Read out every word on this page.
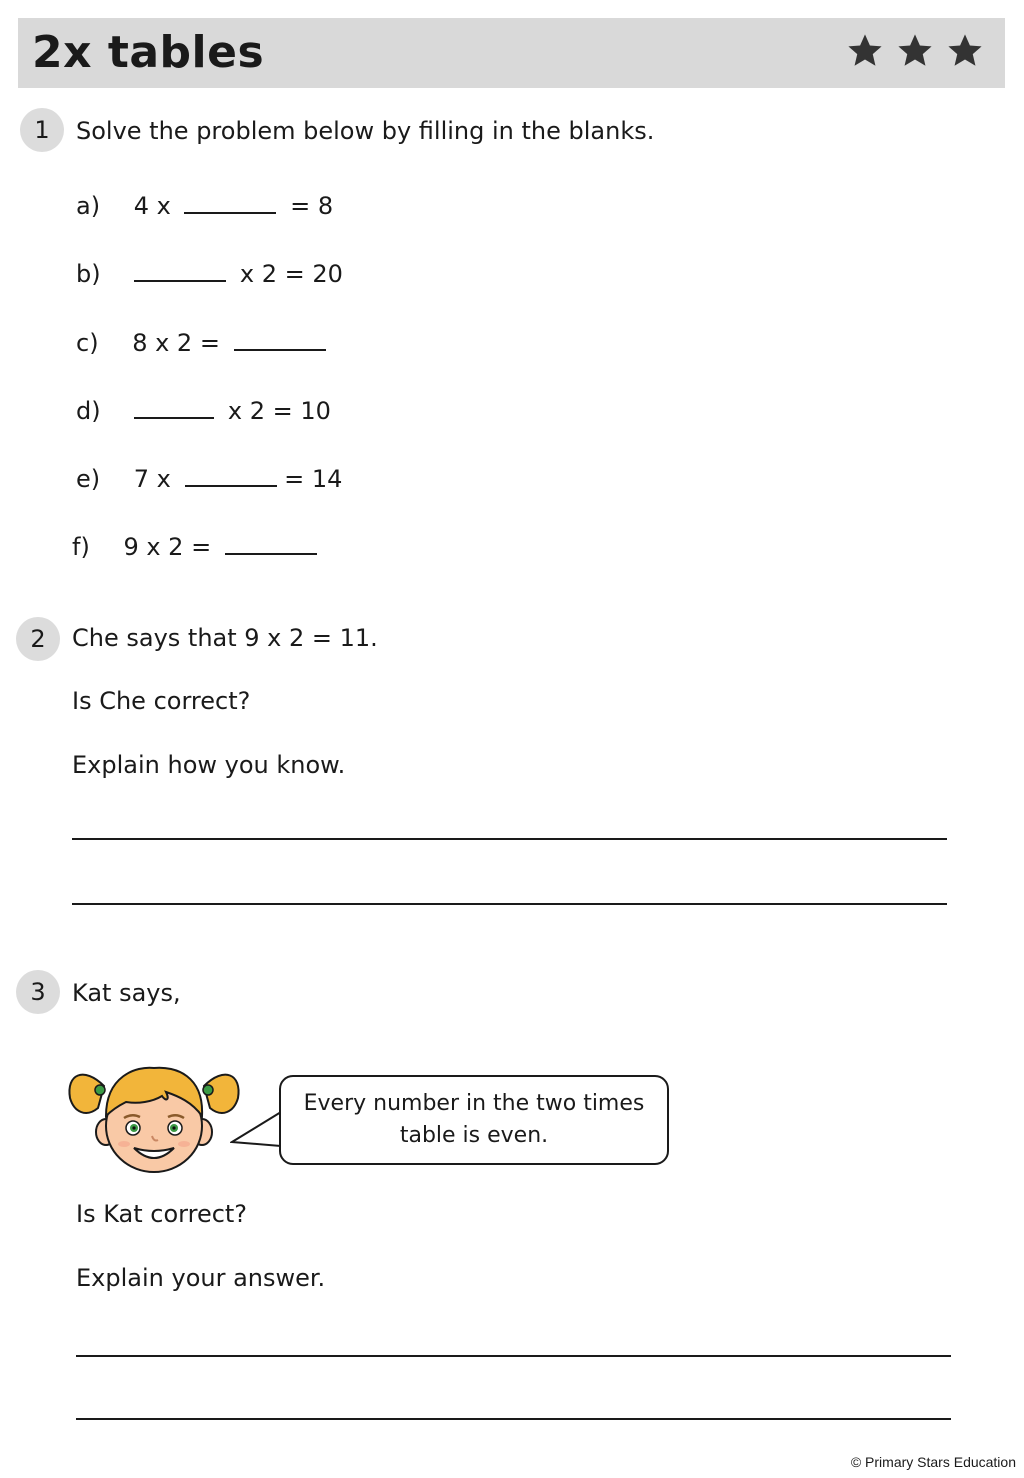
2x tables
1	Solve the problem below by filling in the blanks.
a) 4 x	= 8
b)	x 2 = 20
c) 8 x 2 =
d)	x 2 = 10
e) 7 x	= 14
f) 9 x 2 =
2	Che says that 9 x 2 = 11.
Is Che correct?
Explain how you know.
3	Kat says,
Every number in the two times table is even.
Is Kat correct?
Explain your answer.
© Primary Stars Education
